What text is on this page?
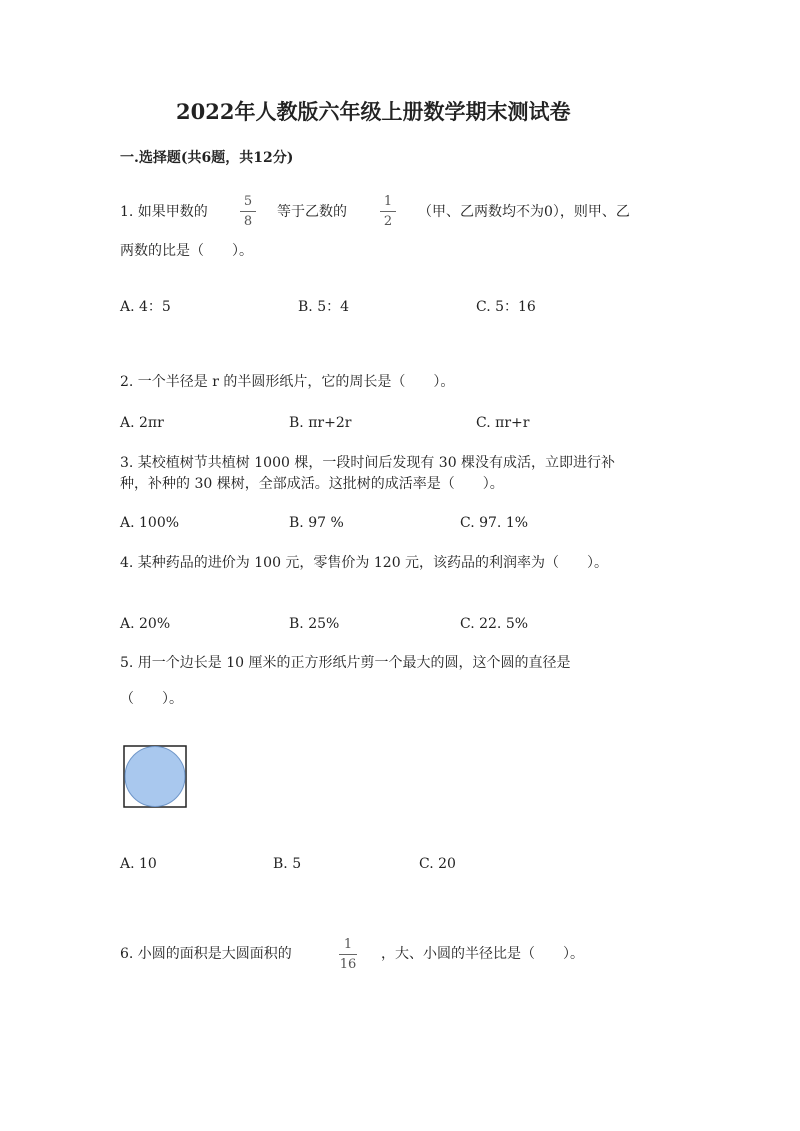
2022年人教版六年级上册数学期末测试卷
一.选择题(共6题，共12分)
1. 如果甲数的
5
8
等于乙数的
1
2
（甲、乙两数均不为0），则甲、乙
两数的比是（　　）。
A. 4：5	B. 5：4	C. 5：16
2. 一个半径是 r 的半圆形纸片，它的周长是（　　）。
A. 2πr	B. πr+2r	C. πr+r
3. 某校植树节共植树 1000 棵，一段时间后发现有 30 棵没有成活，立即进行补
种，补种的 30 棵树，全部成活。这批树的成活率是（　　）。
A. 100%	B. 97 %	C. 97. 1%
4. 某种药品的进价为 100 元，零售价为 120 元，该药品的利润率为（　　）。
A. 20%	B. 25%	C. 22. 5%
5. 用一个边长是 10 厘米的正方形纸片剪一个最大的圆，这个圆的直径是
（　　）。
A. 10	B. 5	C. 20
6. 小圆的面积是大圆面积的
1
16
，大、小圆的半径比是（　　）。
